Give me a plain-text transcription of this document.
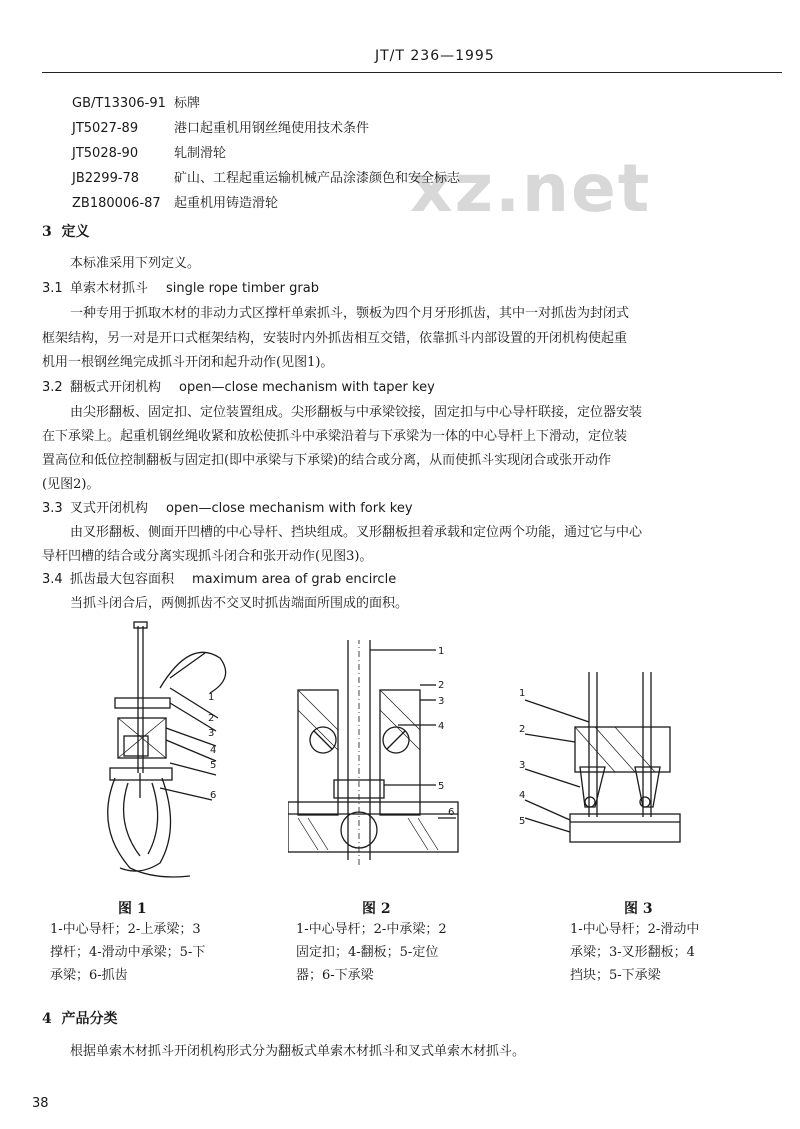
JT/T 236—1995
xz.net
GB/T13306-91 标牌
JT5027-89	港口起重机用钢丝绳使用技术条件
JT5028-90	轧制滑轮
JB2299-78	矿山、工程起重运输机械产品涂漆颜色和安全标志
ZB180006-87 起重机用铸造滑轮
3 定义
本标准采用下列定义。
3.1 单索木材抓斗 single rope timber grab
一种专用于抓取木材的非动力式区撑杆单索抓斗，颚板为四个月牙形抓齿，其中一对抓齿为封闭式
框架结构，另一对是开口式框架结构，安装时内外抓齿相互交错，依靠抓斗内部设置的开闭机构使起重
机用一根钢丝绳完成抓斗开闭和起升动作(见图1)。
3.2 翻板式开闭机构 open—close mechanism with taper key
由尖形翻板、固定扣、定位装置组成。尖形翻板与中承梁铰接，固定扣与中心导杆联接，定位器安装
在下承梁上。起重机钢丝绳收紧和放松使抓斗中承梁沿着与下承梁为一体的中心导杆上下滑动，定位装
置高位和低位控制翻板与固定扣(即中承梁与下承梁)的结合或分离，从而使抓斗实现闭合或张开动作
(见图2)。
3.3 叉式开闭机构 open—close mechanism with fork key
由叉形翻板、侧面开凹槽的中心导杆、挡块组成。叉形翻板担着承载和定位两个功能，通过它与中心
导杆凹槽的结合或分离实现抓斗闭合和张开动作(见图3)。
3.4 抓齿最大包容面积 maximum area of grab encircle
当抓斗闭合后，两侧抓齿不交叉时抓齿端面所围成的面积。
1
2
3
4
5
6
1
2
3
4
5
6
1
2
3
4
5
图 1	图 2	图 3
1-中心导杆；2-上承梁；3
撑杆；4-滑动中承梁；5-下
承梁；6-抓齿
1-中心导杆；2-中承梁；2
固定扣；4-翻板；5-定位
器；6-下承梁
1-中心导杆；2-滑动中
承梁；3-叉形翻板；4
挡块；5-下承梁
4 产品分类
根据单索木材抓斗开闭机构形式分为翻板式单索木材抓斗和叉式单索木材抓斗。
38
